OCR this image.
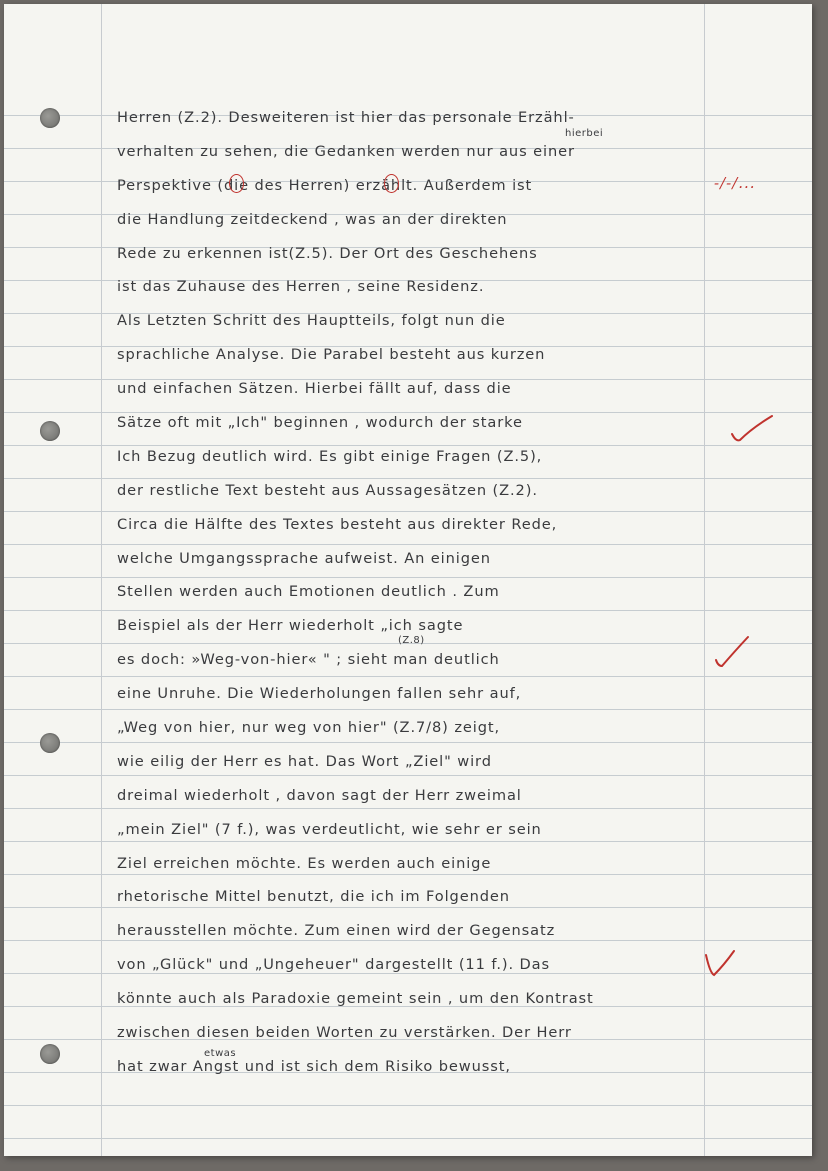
Herren (Z.2). Desweiteren ist hier das personale Erzähl-
verhalten zu sehen, die Gedanken werden nur aus einer
Perspektive (die des Herren) erzählt. Außerdem ist
die Handlung zeitdeckend , was an der direkten
Rede zu erkennen ist(Z.5). Der Ort des Geschehens
ist das Zuhause des Herren , seine Residenz.
Als Letzten Schritt des Hauptteils, folgt nun die
sprachliche Analyse. Die Parabel besteht aus kurzen
und einfachen Sätzen. Hierbei fällt auf, dass die
Sätze oft mit „Ich" beginnen , wodurch der starke
Ich Bezug deutlich wird. Es gibt einige Fragen (Z.5),
der restliche Text besteht aus Aussagesätzen (Z.2).
Circa die Hälfte des Textes besteht aus direkter Rede,
welche Umgangssprache aufweist. An einigen
Stellen werden auch Emotionen deutlich . Zum
Beispiel als der Herr wiederholt „ich sagte
es doch: »Weg-von-hier« " ; sieht man deutlich
eine Unruhe. Die Wiederholungen fallen sehr auf,
„Weg von hier, nur weg von hier" (Z.7/8) zeigt,
wie eilig der Herr es hat. Das Wort „Ziel" wird
dreimal wiederholt , davon sagt der Herr zweimal
„mein Ziel" (7 f.), was verdeutlicht, wie sehr er sein
Ziel erreichen möchte. Es werden auch einige
rhetorische Mittel benutzt, die ich im Folgenden
herausstellen möchte. Zum einen wird der Gegensatz
von „Glück" und „Ungeheuer" dargestellt (11 f.). Das
könnte auch als Paradoxie gemeint sein , um den Kontrast
zwischen diesen beiden Worten zu verstärken. Der Herr
hat zwar Angst und ist sich dem Risiko bewusst,
hierbei
(Z.8)
etwas
-/-/...
